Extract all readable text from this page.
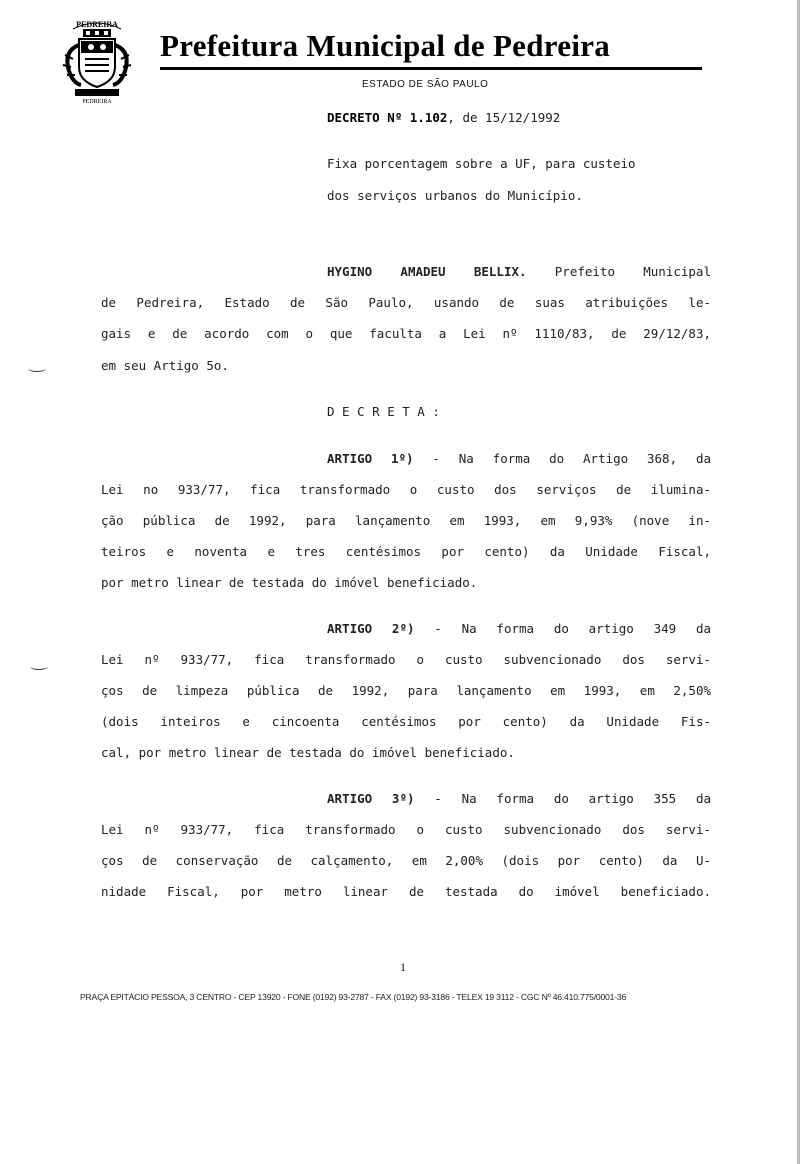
PEDREIRA
PEDREIRA
Prefeitura Municipal de Pedreira
ESTADO DE SÃO PAULO
DECRETO Nº 1.102, de 15/12/1992
Fixa porcentagem sobre a UF, para custeio
dos serviços urbanos do Município.
HYGINO AMADEU BELLIX. Prefeito Municipal
de Pedreira, Estado de São Paulo, usando de suas atribuições le-
gais e de acordo com o que faculta a Lei nº 1110/83, de 29/12/83,
em seu Artigo 5o.
D E C R E T A :
ARTIGO 1º) - Na forma do Artigo 368, da
Lei no 933/77, fica transformado o custo dos serviços de ilumina-
ção pública de 1992, para lançamento em 1993, em 9,93% (nove in-
teiros e noventa e tres centésimos por cento) da Unidade Fiscal,
por metro linear de testada do imóvel beneficiado.
ARTIGO 2º) - Na forma do artigo 349 da
Lei nº 933/77, fica transformado o custo subvencionado dos servi-
ços de limpeza pública de 1992, para lançamento em 1993, em 2,50%
(dois inteiros e cincoenta centésimos por cento) da Unidade Fis-
cal, por metro linear de testada do imóvel beneficiado.
ARTIGO 3º) - Na forma do artigo 355 da
Lei nº 933/77, fica transformado o custo subvencionado dos servi-
ços de conservação de calçamento, em 2,00% (dois por cento) da U-
nidade Fiscal, por metro linear de testada do imóvel beneficiado.
1
PRAÇA EPITÁCIO PESSOA, 3 CENTRO - CEP 13920 - FONE (0192) 93-2787 - FAX (0192) 93-3186 - TELEX 19 3112 - CGC Nº 46.410.775/0001-36
